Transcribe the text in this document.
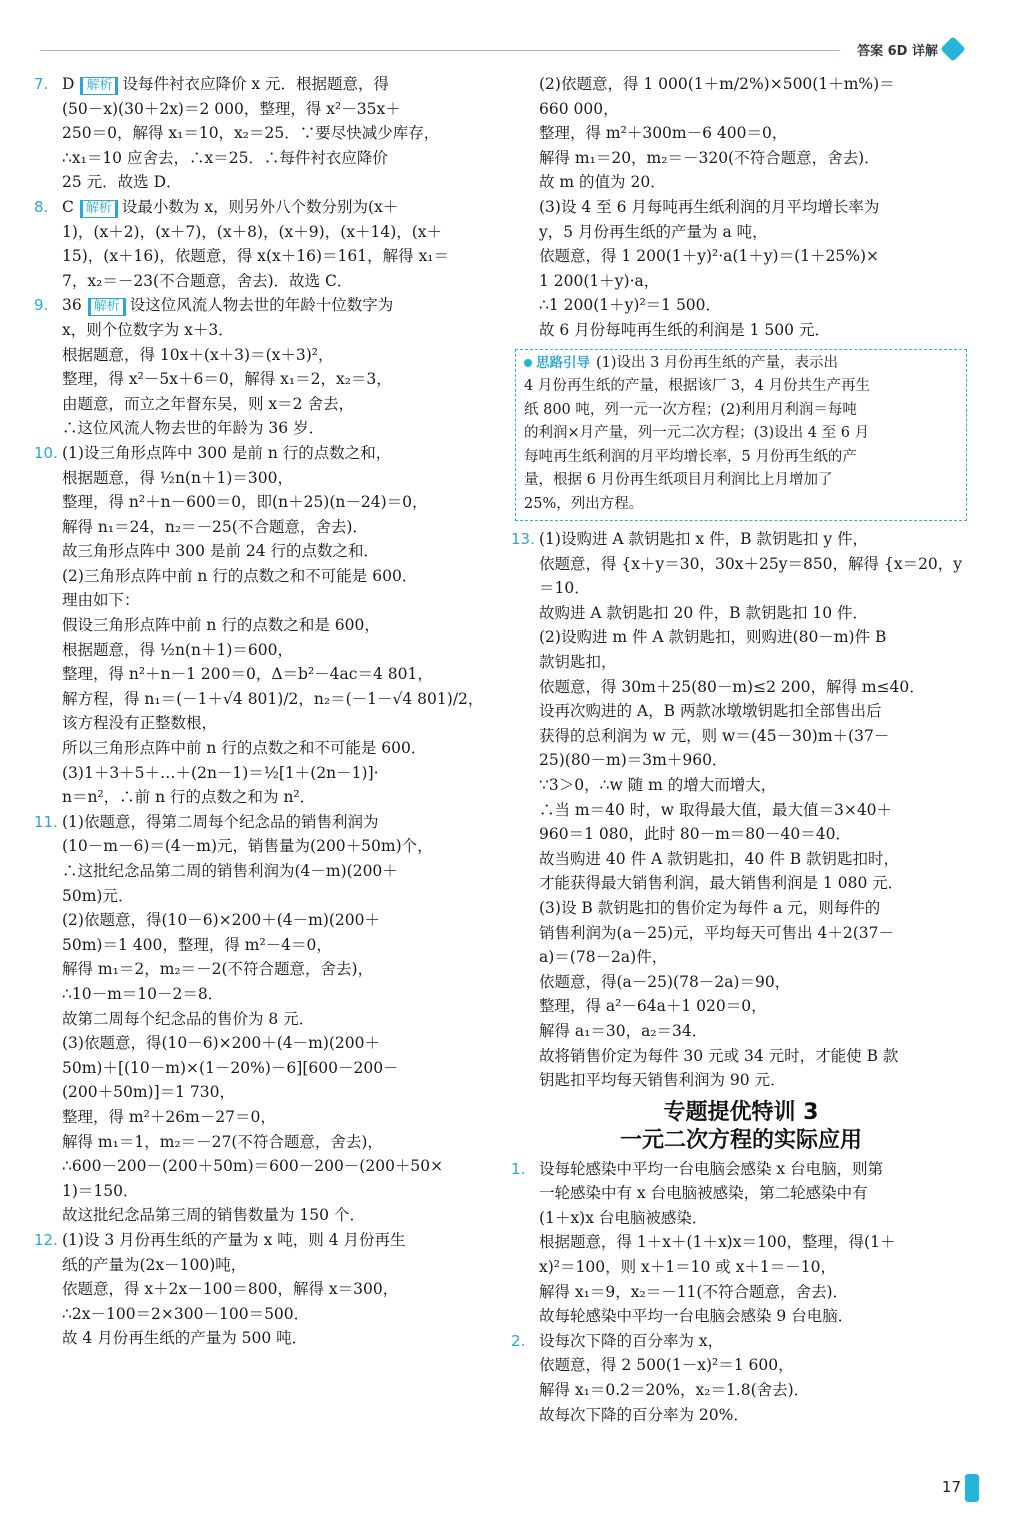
答案 6D 详解
7. D 解析 设每件衬衣应降价 x 元．根据题意，得
(50－x)(30＋2x)＝2 000，整理，得 x²－35x＋
250＝0，解得 x₁＝10，x₂＝25．∵要尽快减少库存，
∴x₁＝10 应舍去，∴x＝25．∴每件衬衣应降价
25 元．故选 D．
8. C 解析 设最小数为 x，则另外八个数分别为(x＋
1)，(x＋2)，(x＋7)，(x＋8)，(x＋9)，(x＋14)，(x＋
15)，(x＋16)，依题意，得 x(x＋16)＝161，解得 x₁＝
7，x₂＝－23(不合题意，舍去)．故选 C．
9. 36 解析 设这位风流人物去世的年龄十位数字为
x，则个位数字为 x＋3．
根据题意，得 10x＋(x＋3)＝(x＋3)²，
整理，得 x²－5x＋6＝0，解得 x₁＝2，x₂＝3，
由题意，而立之年督东吴，则 x＝2 舍去，
∴这位风流人物去世的年龄为 36 岁．
10. (1)设三角形点阵中 300 是前 n 行的点数之和，
根据题意，得 ½n(n＋1)＝300，
整理，得 n²＋n－600＝0，即(n＋25)(n－24)＝0，
解得 n₁＝24，n₂＝－25(不合题意，舍去)．
故三角形点阵中 300 是前 24 行的点数之和．
(2)三角形点阵中前 n 行的点数之和不可能是 600．
理由如下：
假设三角形点阵中前 n 行的点数之和是 600，
根据题意，得 ½n(n＋1)＝600，
整理，得 n²＋n－1 200＝0，Δ＝b²－4ac＝4 801，
解方程，得 n₁＝(－1＋√4 801)/2，n₂＝(－1－√4 801)/2，
该方程没有正整数根，
所以三角形点阵中前 n 行的点数之和不可能是 600．
(3)1＋3＋5＋…＋(2n－1)＝½[1＋(2n－1)]·
n＝n²，∴前 n 行的点数之和为 n²．
11. (1)依题意，得第二周每个纪念品的销售利润为
(10－m－6)＝(4－m)元，销售量为(200＋50m)个，
∴这批纪念品第二周的销售利润为(4－m)(200＋
50m)元．
(2)依题意，得(10－6)×200＋(4－m)(200＋
50m)＝1 400，整理，得 m²－4＝0，
解得 m₁＝2，m₂＝－2(不符合题意，舍去)，
∴10－m＝10－2＝8．
故第二周每个纪念品的售价为 8 元．
(3)依题意，得(10－6)×200＋(4－m)(200＋
50m)＋[(10－m)×(1－20%)－6][600－200－
(200＋50m)]＝1 730，
整理，得 m²＋26m－27＝0，
解得 m₁＝1，m₂＝－27(不符合题意，舍去)，
∴600－200－(200＋50m)＝600－200－(200＋50×
1)＝150．
故这批纪念品第三周的销售数量为 150 个．
12. (1)设 3 月份再生纸的产量为 x 吨，则 4 月份再生
纸的产量为(2x－100)吨，
依题意，得 x＋2x－100＝800，解得 x＝300，
∴2x－100＝2×300－100＝500．
故 4 月份再生纸的产量为 500 吨．
(2)依题意，得 1 000(1＋m/2%)×500(1＋m%)＝
660 000，
整理，得 m²＋300m－6 400＝0，
解得 m₁＝20，m₂＝－320(不符合题意，舍去)．
故 m 的值为 20．
(3)设 4 至 6 月每吨再生纸利润的月平均增长率为
y，5 月份再生纸的产量为 a 吨，
依题意，得 1 200(1＋y)²·a(1＋y)＝(1＋25%)×
1 200(1＋y)·a，
∴1 200(1＋y)²＝1 500．
故 6 月份每吨再生纸的利润是 1 500 元．
思路引导 (1)设出 3 月份再生纸的产量，表示出
4 月份再生纸的产量，根据该厂 3，4 月份共生产再生
纸 800 吨，列一元一次方程；(2)利用月利润＝每吨
的利润×月产量，列一元二次方程；(3)设出 4 至 6 月
每吨再生纸利润的月平均增长率，5 月份再生纸的产
量，根据 6 月份再生纸项目月利润比上月增加了
25%，列出方程。
13. (1)设购进 A 款钥匙扣 x 件，B 款钥匙扣 y 件，
依题意，得 {x＋y＝30，30x＋25y＝850，解得 {x＝20，y＝10．
故购进 A 款钥匙扣 20 件，B 款钥匙扣 10 件．
(2)设购进 m 件 A 款钥匙扣，则购进(80－m)件 B
款钥匙扣，
依题意，得 30m＋25(80－m)≤2 200，解得 m≤40．
设再次购进的 A，B 两款冰墩墩钥匙扣全部售出后
获得的总利润为 w 元，则 w＝(45－30)m＋(37－
25)(80－m)＝3m＋960．
∵3＞0，∴w 随 m 的增大而增大，
∴当 m＝40 时，w 取得最大值，最大值＝3×40＋
960＝1 080，此时 80－m＝80－40＝40．
故当购进 40 件 A 款钥匙扣，40 件 B 款钥匙扣时，
才能获得最大销售利润，最大销售利润是 1 080 元．
(3)设 B 款钥匙扣的售价定为每件 a 元，则每件的
销售利润为(a－25)元，平均每天可售出 4＋2(37－
a)＝(78－2a)件，
依题意，得(a－25)(78－2a)＝90，
整理，得 a²－64a＋1 020＝0，
解得 a₁＝30，a₂＝34．
故将销售价定为每件 30 元或 34 元时，才能使 B 款
钥匙扣平均每天销售利润为 90 元．
专题提优特训 3
一元二次方程的实际应用
1. 设每轮感染中平均一台电脑会感染 x 台电脑，则第
一轮感染中有 x 台电脑被感染，第二轮感染中有
(1＋x)x 台电脑被感染．
根据题意，得 1＋x＋(1＋x)x＝100，整理，得(1＋
x)²＝100，则 x＋1＝10 或 x＋1＝－10，
解得 x₁＝9，x₂＝－11(不符合题意，舍去)．
故每轮感染中平均一台电脑会感染 9 台电脑．
2. 设每次下降的百分率为 x，
依题意，得 2 500(1－x)²＝1 600，
解得 x₁＝0.2＝20%，x₂＝1.8(舍去)．
故每次下降的百分率为 20%．
17
